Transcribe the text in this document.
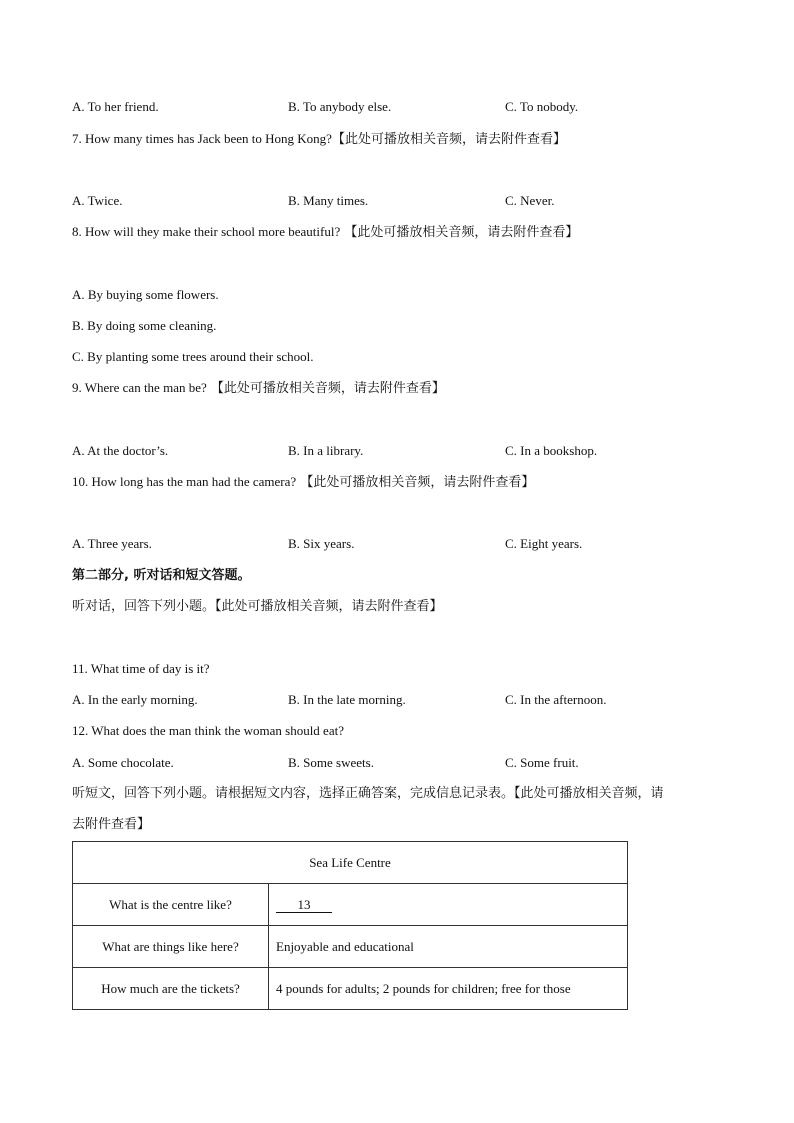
A. To her friend.	B. To anybody else.	C. To nobody.
7. How many times has Jack been to Hong Kong?【此处可播放相关音频，请去附件查看】
A. Twice.	B. Many times.	C. Never.
8. How will they make their school more beautiful? 【此处可播放相关音频，请去附件查看】
A. By buying some flowers.
B. By doing some cleaning.
C. By planting some trees around their school.
9. Where can the man be? 【此处可播放相关音频，请去附件查看】
A. At the doctor’s.	B. In a library.	C. In a bookshop.
10. How long has the man had the camera? 【此处可播放相关音频，请去附件查看】
A. Three years.	B. Six years.	C. Eight years.
第二部分, 听对话和短文答题。
听对话，回答下列小题。【此处可播放相关音频，请去附件查看】
11. What time of day is it?
A. In the early morning.	B. In the late morning.	C. In the afternoon.
12. What does the man think the woman should eat?
A. Some chocolate.	B. Some sweets.	C. Some fruit.
听短文，回答下列小题。请根据短文内容，选择正确答案，完成信息记录表。【此处可播放相关音频，请
去附件查看】
Sea Life Centre	
What is the centre like?	13
What are things like here?	Enjoyable and educational
How much are the tickets?	4 pounds for adults; 2 pounds for children; free for those
